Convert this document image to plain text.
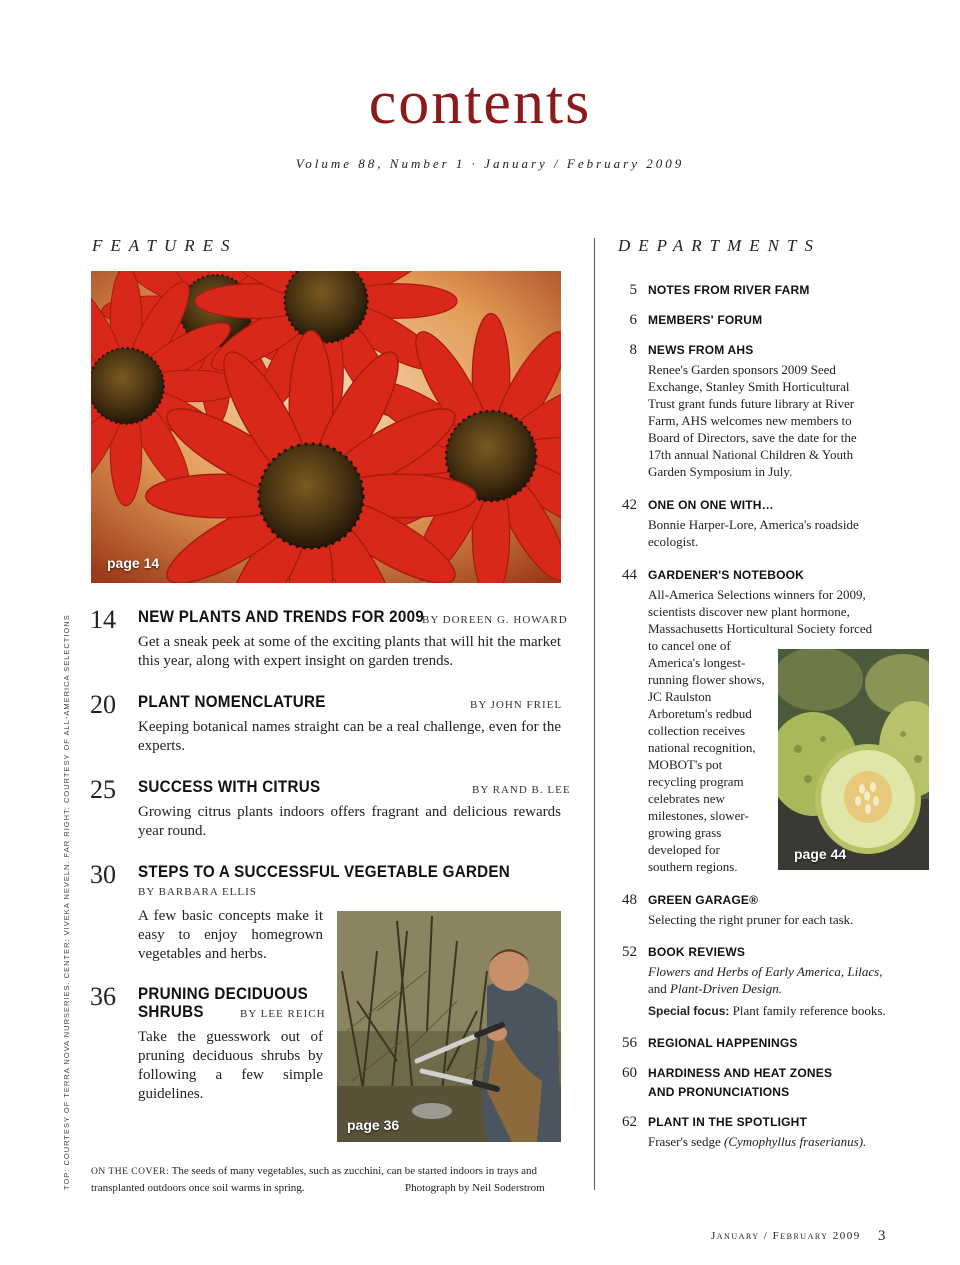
contents
Volume 88, Number 1 · January / February 2009
FEATURES	DEPARTMENTS
page 14
14 NEW PLANTS AND TRENDS FOR 2009
BY DOREEN G. HOWARD
Get a sneak peek at some of the exciting plants that will hit the market this year, along with expert insight on garden trends.
20 PLANT NOMENCLATURE	BY JOHN FRIEL
Keeping botanical names straight can be a real challenge, even for the experts.
25 SUCCESS WITH CITRUS	BY RAND B. LEE
Growing citrus plants indoors offers fragrant and delicious rewards year round.
30 STEPS TO A SUCCESSFUL VEGETABLE GARDEN
BY BARBARA ELLIS
A few basic concepts make it easy to enjoy homegrown vegetables and herbs.
36 PRUNING DECIDUOUS
SHRUBS	BY LEE REICH
Take the guesswork out of pruning deciduous shrubs by following a few simple guidelines.
page 36
ON THE COVER: The seeds of many vegetables, such as zucchini, can be started indoors in trays and
transplanted outdoors once soil warms in spring.	Photograph by Neil Soderstrom
TOP: COURTESY OF TERRA NOVA NURSERIES. CENTER: VIVEKA NEVELN. FAR RIGHT: COURTESY OF ALL-AMERICA SELECTIONS
5 NOTES FROM RIVER FARM
6 MEMBERS' FORUM
8 NEWS FROM AHS
Renee's Garden sponsors 2009 Seed
Exchange, Stanley Smith Horticultural
Trust grant funds future library at River
Farm, AHS welcomes new members to
Board of Directors, save the date for the
17th annual National Children & Youth
Garden Symposium in July.
42 ONE ON ONE WITH…
Bonnie Harper-Lore, America's roadside
ecologist.
44 GARDENER'S NOTEBOOK
All-America Selections winners for 2009,
scientists discover new plant hormone,
Massachusetts Horticultural Society forced
to cancel one of
America's longest-
running flower shows,
JC Raulston
Arboretum's redbud
collection receives
national recognition,
MOBOT's pot
recycling program
celebrates new
milestones, slower-
growing grass
developed for
southern regions.
page 44
48 GREEN GARAGE®
Selecting the right pruner for each task.
52 BOOK REVIEWS
Flowers and Herbs of Early America, Lilacs,
and Plant-Driven Design.
Special focus: Plant family reference books.
56 REGIONAL HAPPENINGS
60 HARDINESS AND HEAT ZONES
AND PRONUNCIATIONS
62 PLANT IN THE SPOTLIGHT
Fraser's sedge (Cymophyllus fraserianus).
January / February 2009 3
